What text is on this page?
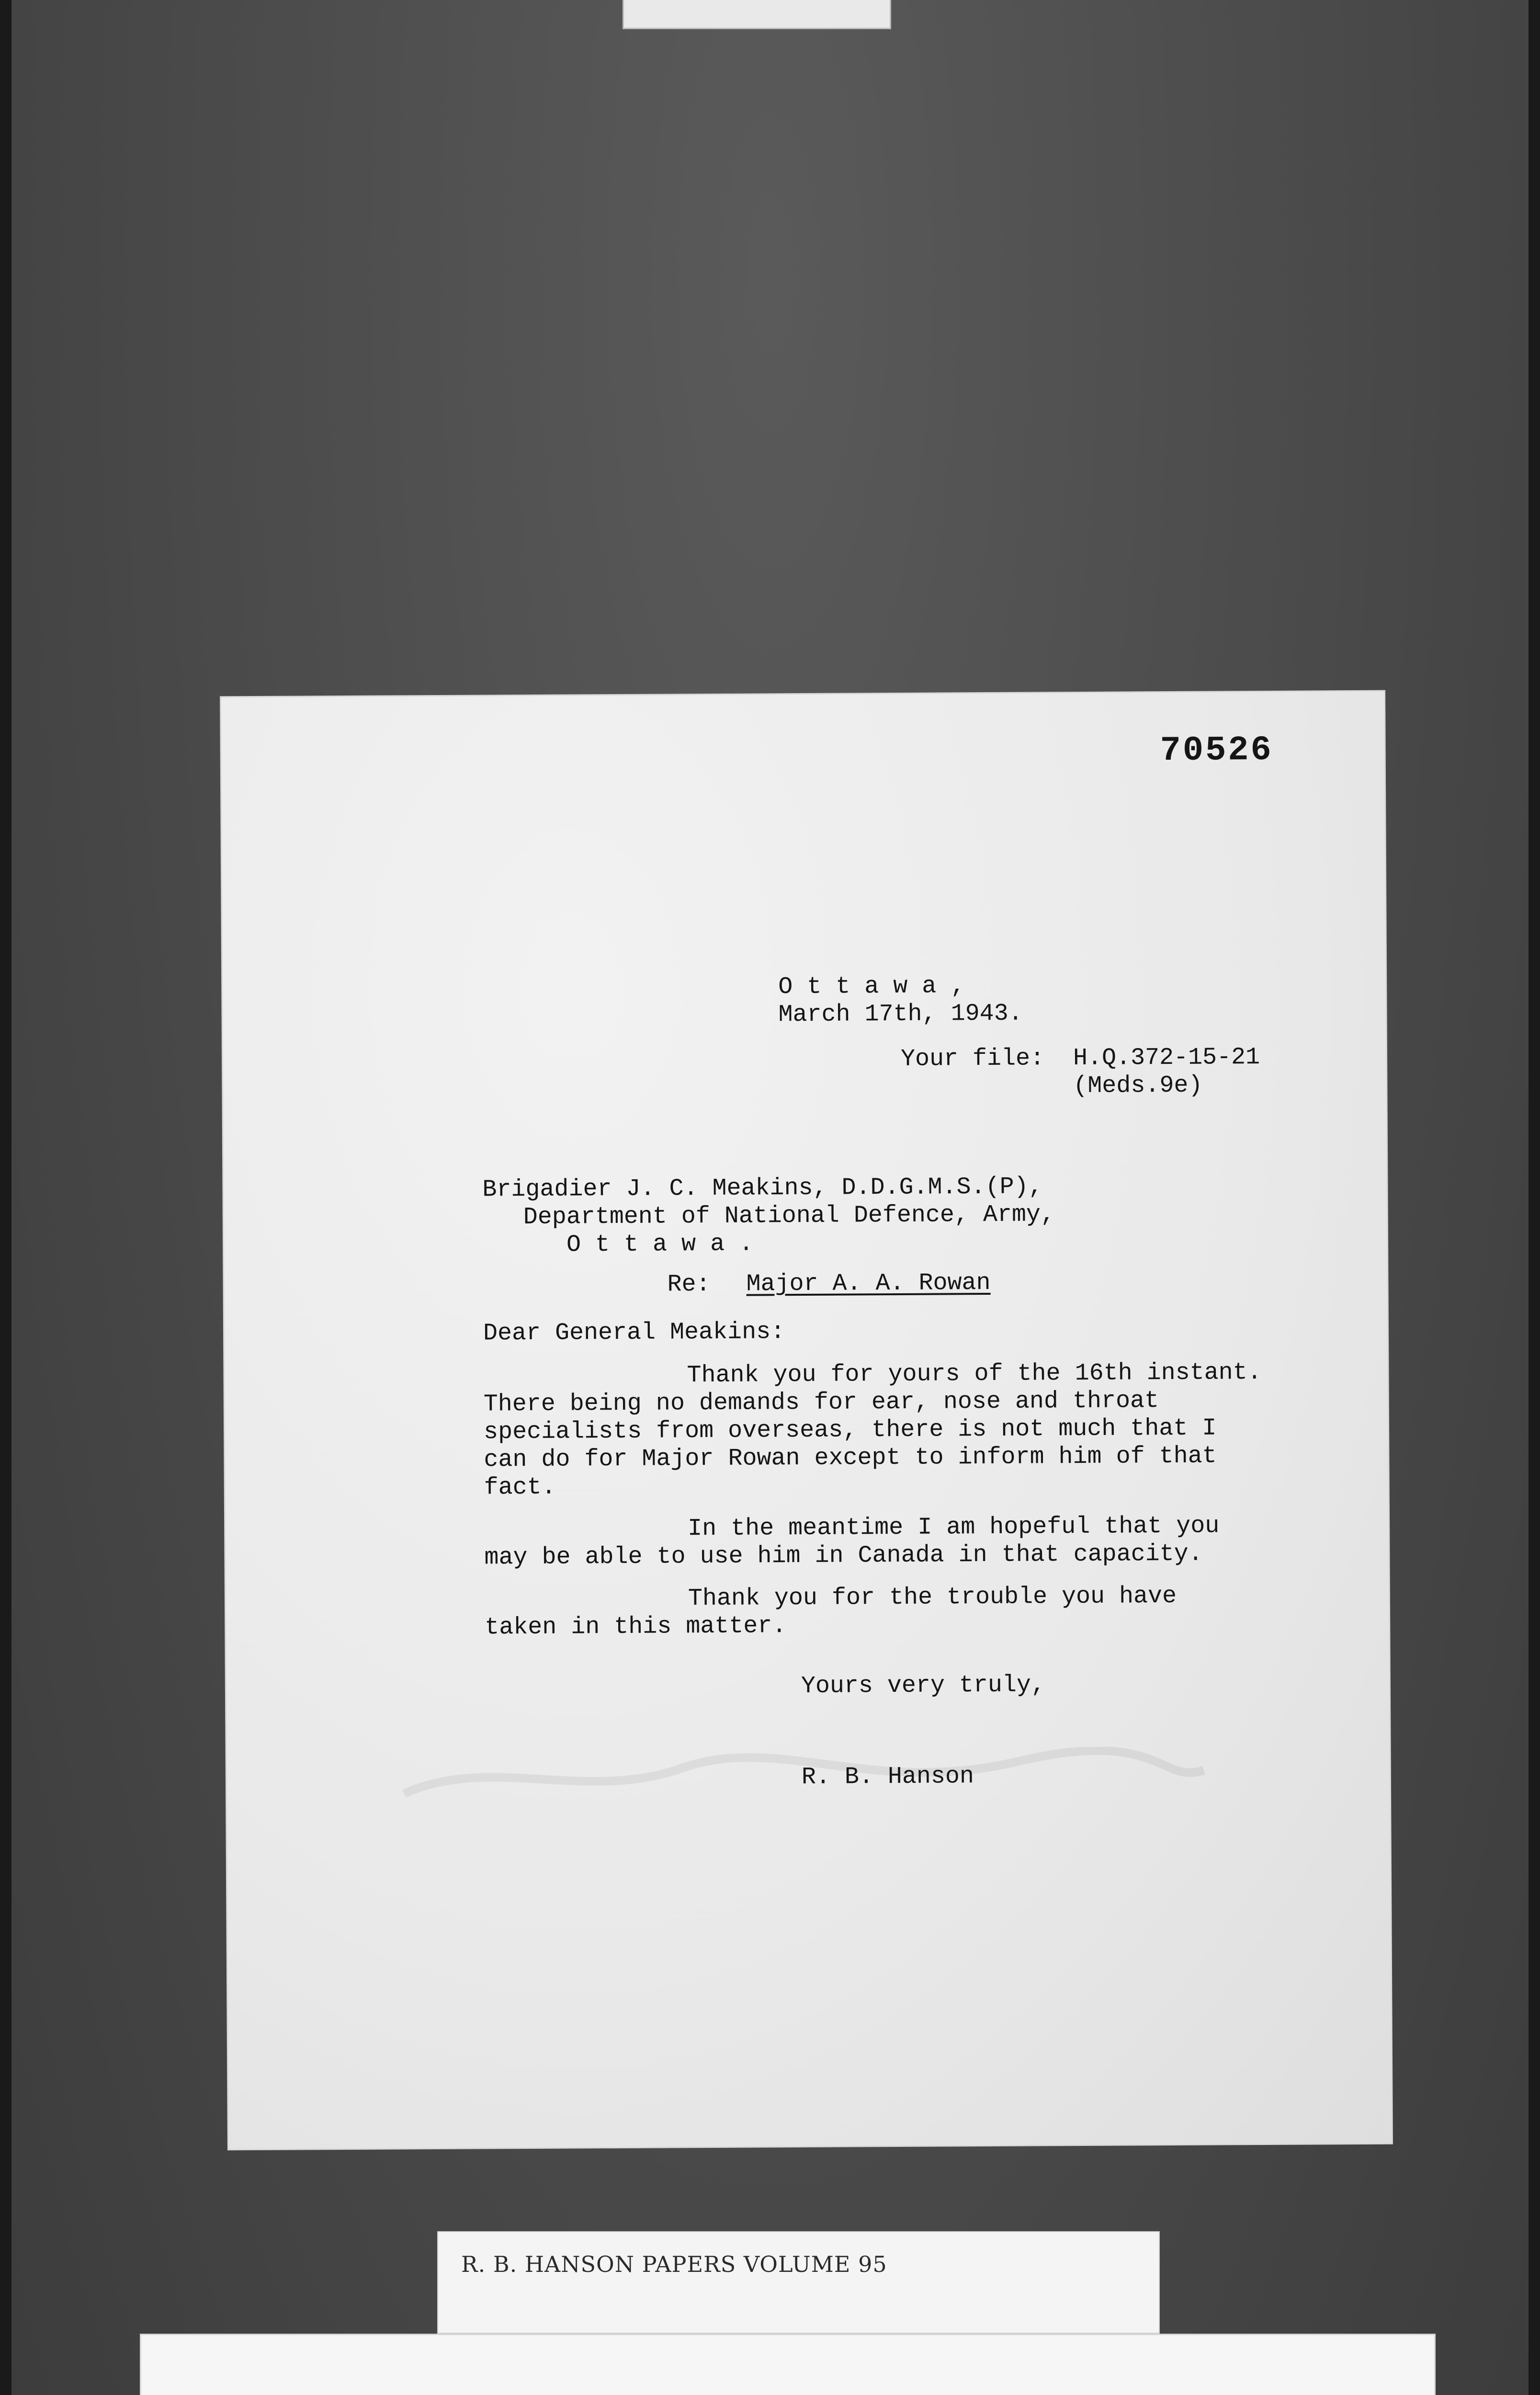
70526
O t t a w a ,
March 17th, 1943.
Your file: H.Q.372-15-21
(Meds.9e)
Brigadier J. C. Meakins, D.D.G.M.S.(P),
Department of National Defence, Army,
O t t a w a .
Re: Major A. A. Rowan
Dear General Meakins:
Thank you for yours of the 16th instant.
There being no demands for ear, nose and throat
specialists from overseas, there is not much that I
can do for Major Rowan except to inform him of that
fact.
In the meantime I am hopeful that you
may be able to use him in Canada in that capacity.
Thank you for the trouble you have
taken in this matter.
Yours very truly,
R. B. Hanson
R. B. HANSON PAPERS VOLUME 95
